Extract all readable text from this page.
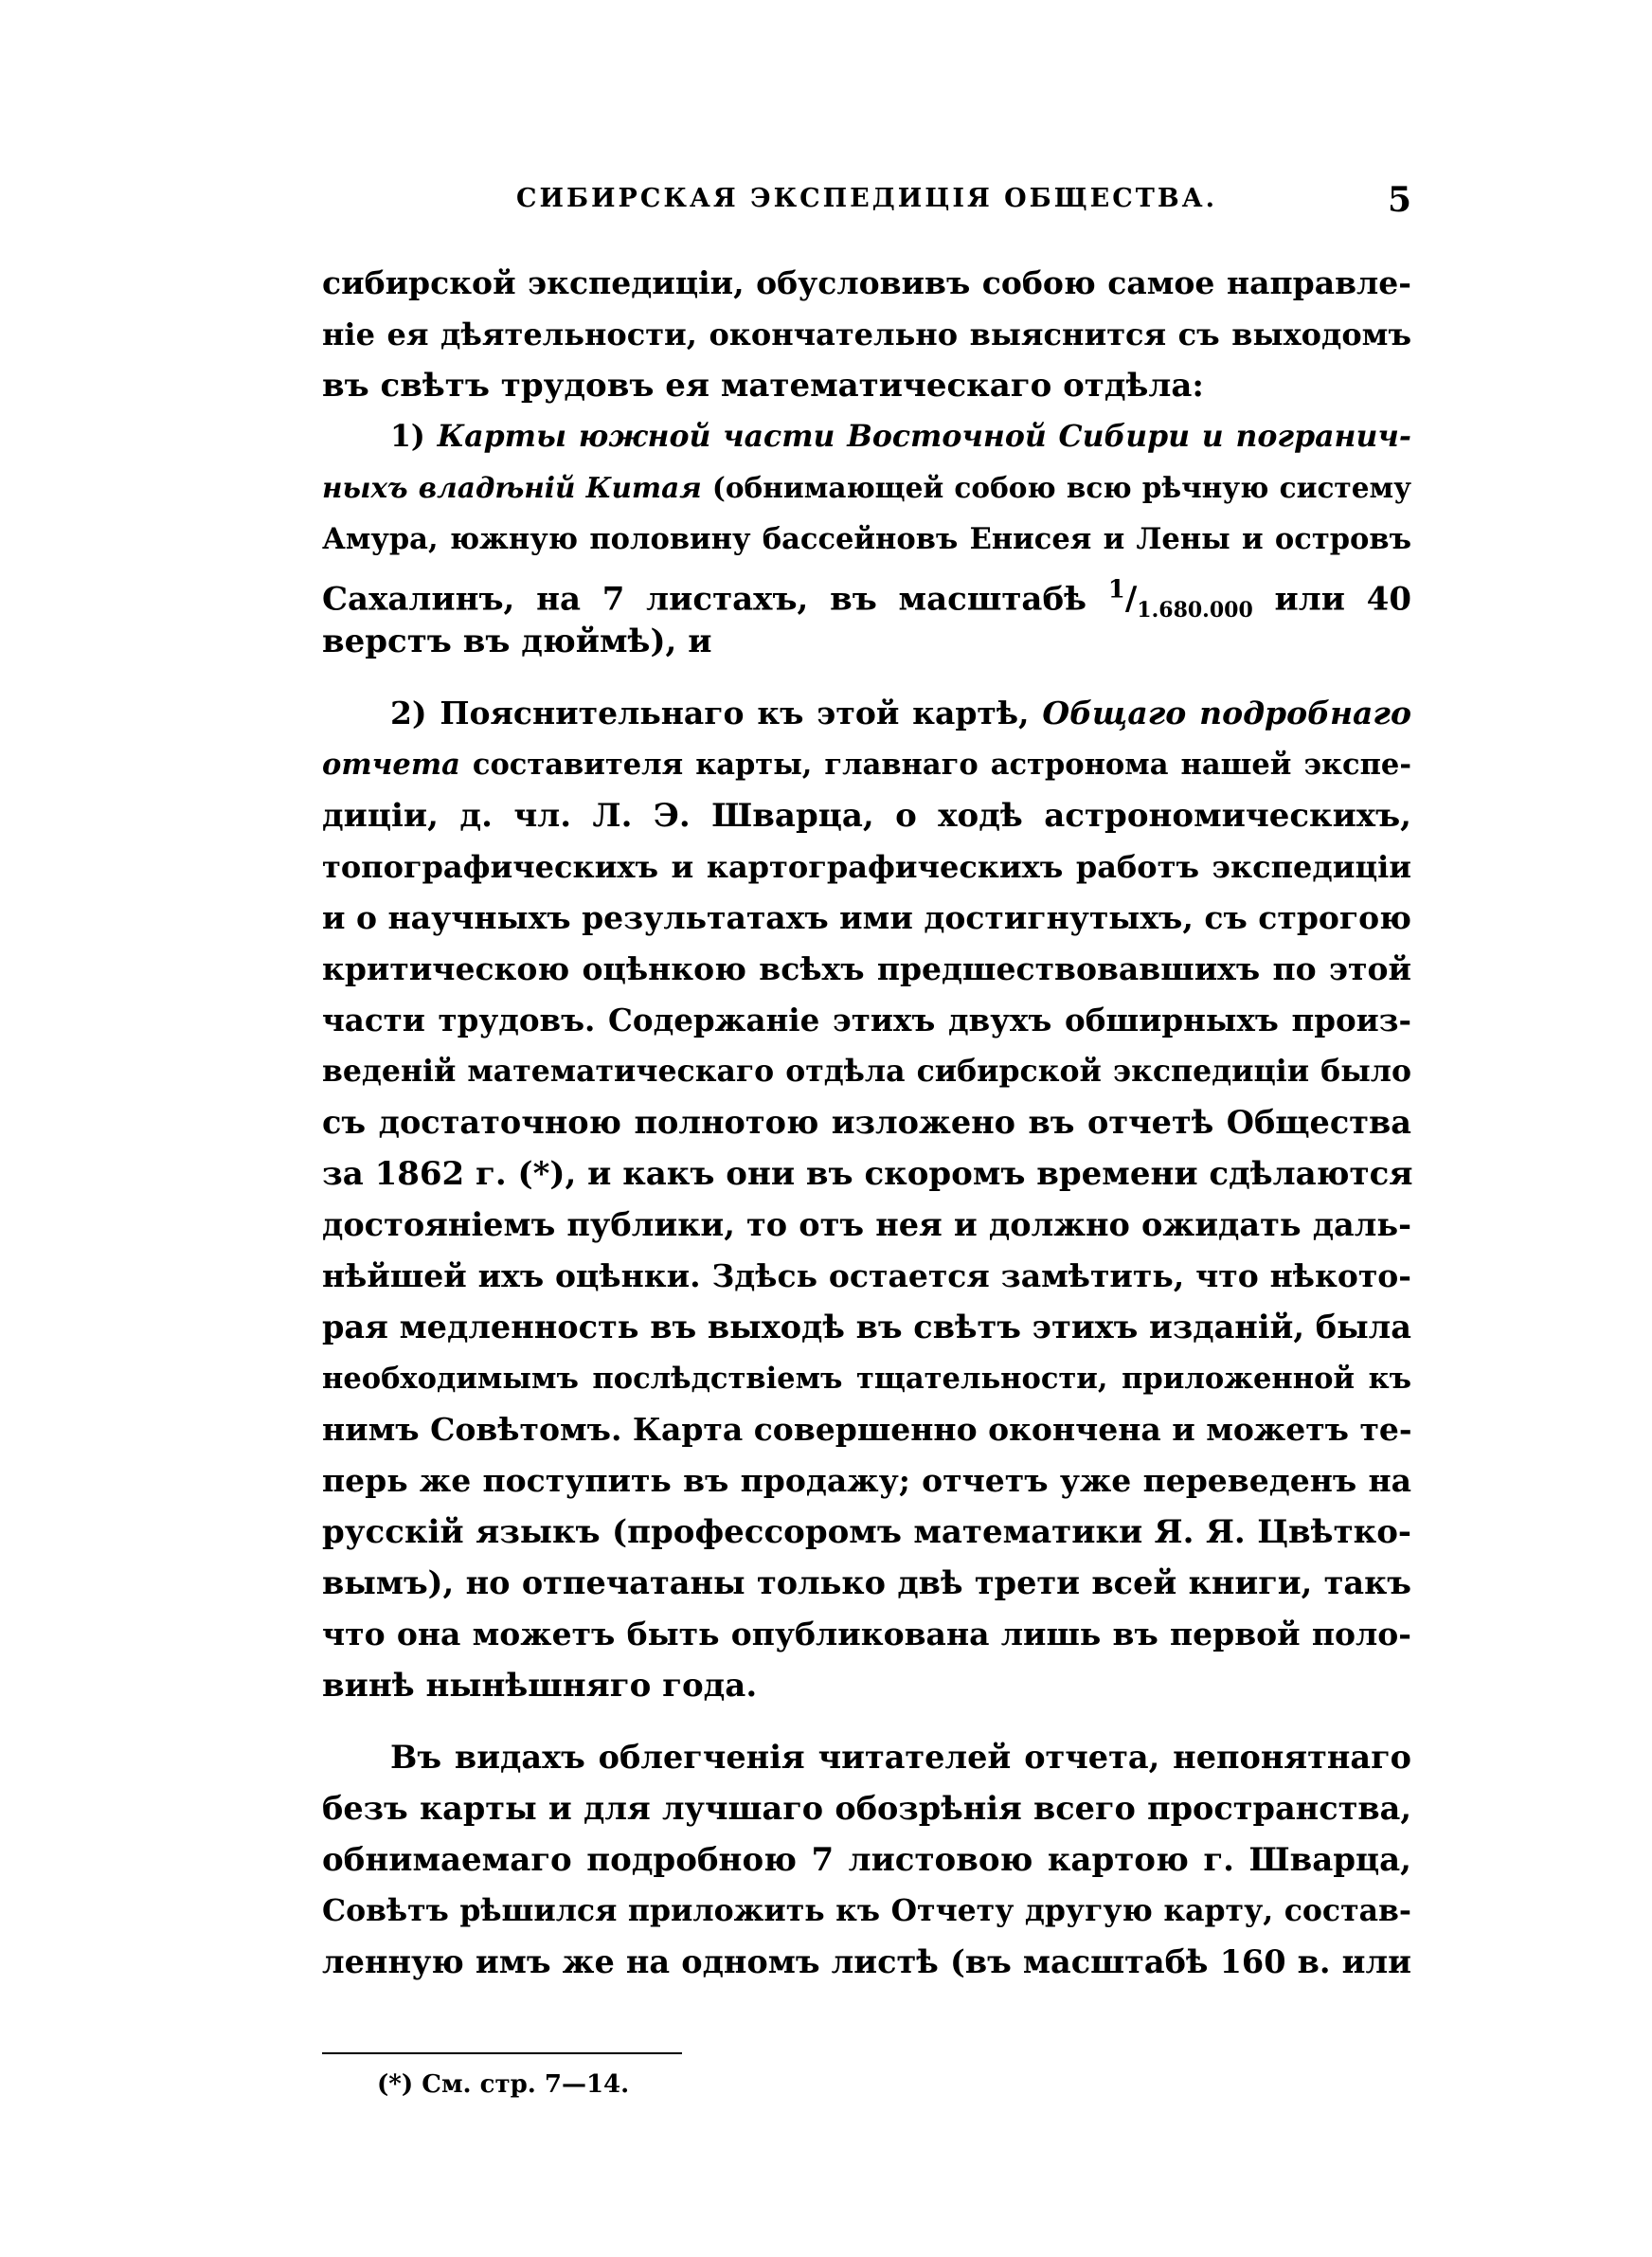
СИБИРСКАЯ ЭКСПЕДИЦІЯ ОБЩЕСТВА.	5
сибирской экспедиціи, обусловивъ собою самое направле-
ніе ея дѣятельности, окончательно выяснится съ выходомъ
въ свѣтъ трудовъ ея математическаго отдѣла:
1) Карты южной части Восточной Сибири и погранич-
ныхъ владѣній Китая (обнимающей собою всю рѣчную систему
Амура, южную половину бассейновъ Енисея и Лены и островъ
Сахалинъ, на 7 листахъ, въ масштабѣ $^1/_{1.680.000}$ или 40
верстъ въ дюймѣ), и
2) Пояснительнаго къ этой картѣ, Общаго подробнаго
отчета составителя карты, главнаго астронома нашей экспе-
диціи, д. чл. Л. Э. Шварца, о ходѣ астрономическихъ,
топографическихъ и картографическихъ работъ экспедиціи
и о научныхъ результатахъ ими достигнутыхъ, съ строгою
критическою оцѣнкою всѣхъ предшествовавшихъ по этой
части трудовъ. Содержаніе этихъ двухъ обширныхъ произ-
веденій математическаго отдѣла сибирской экспедиціи было
съ достаточною полнотою изложено въ отчетѣ Общества
за 1862 г. (*), и какъ они въ скоромъ времени сдѣлаются
достояніемъ публики, то отъ нея и должно ожидать даль-
нѣйшей ихъ оцѣнки. Здѣсь остается замѣтить, что нѣкото-
рая медленность въ выходѣ въ свѣтъ этихъ изданій, была
необходимымъ послѣдствіемъ тщательности, приложенной къ
нимъ Совѣтомъ. Карта совершенно окончена и можетъ те-
перь же поступить въ продажу; отчетъ уже переведенъ на
русскій языкъ (профессоромъ математики Я. Я. Цвѣтко-
вымъ), но отпечатаны только двѣ трети всей книги, такъ
что она можетъ быть опубликована лишь въ первой поло-
винѣ нынѣшняго года.
Въ видахъ облегченія читателей отчета, непонятнаго
безъ карты и для лучшаго обозрѣнія всего пространства,
обнимаемаго подробною 7 листовою картою г. Шварца,
Совѣтъ рѣшился приложить къ Отчету другую карту, состав-
ленную имъ же на одномъ листѣ (въ масштабѣ 160 в. или
(*) См. стр. 7—14.
